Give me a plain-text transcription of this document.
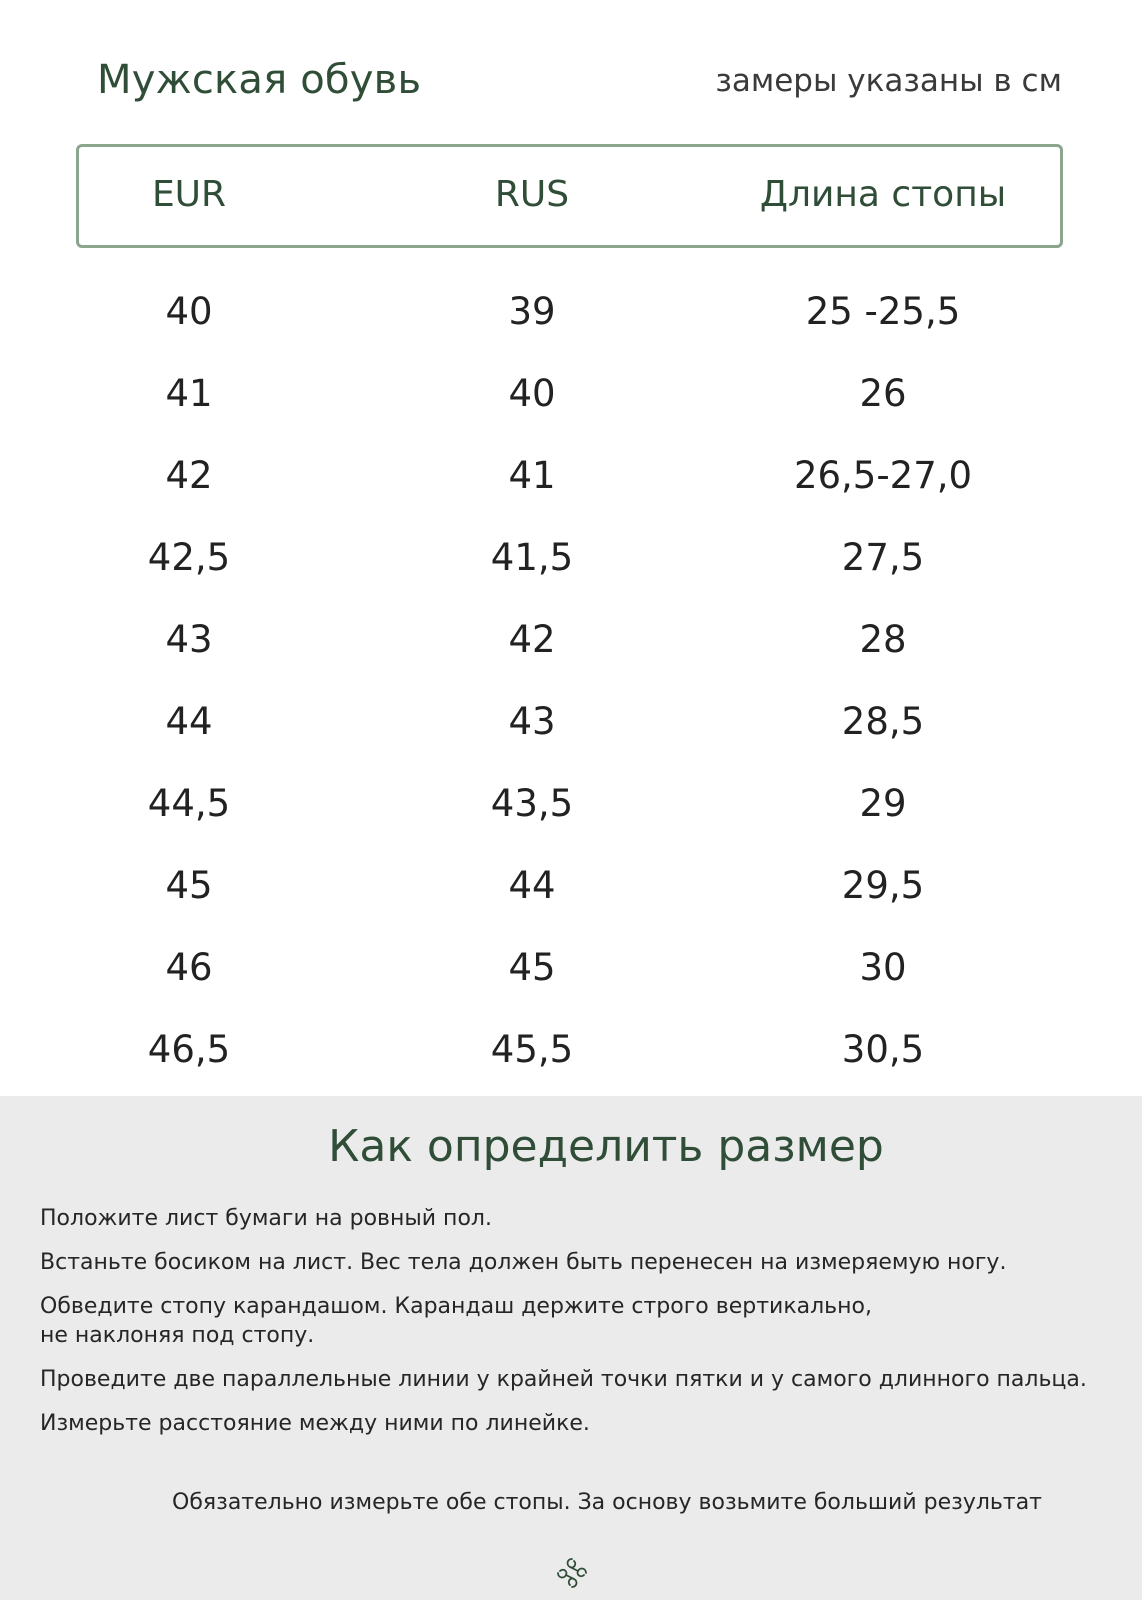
Мужская обувь	замеры указаны в см
EUR	RUS	Длина стопы
40	39	25 -25,5
41	40	26
42	41	26,5-27,0
42,5	41,5	27,5
43	42	28
44	43	28,5
44,5	43,5	29
45	44	29,5
46	45	30
46,5	45,5	30,5
Как определить размер

Положите лист бумаги на ровный пол.

Встаньте босиком на лист. Вес тела должен быть перенесен на измеряемую ногу.

Обведите стопу карандашом. Карандаш держите строго вертикально,
не наклоняя под стопу.

Проведите две параллельные линии у крайней точки пятки и у самого длинного пальца.

Измерьте расстояние между ними по линейке.

Обязательно измерьте обе стопы. За основу возьмите больший результат
